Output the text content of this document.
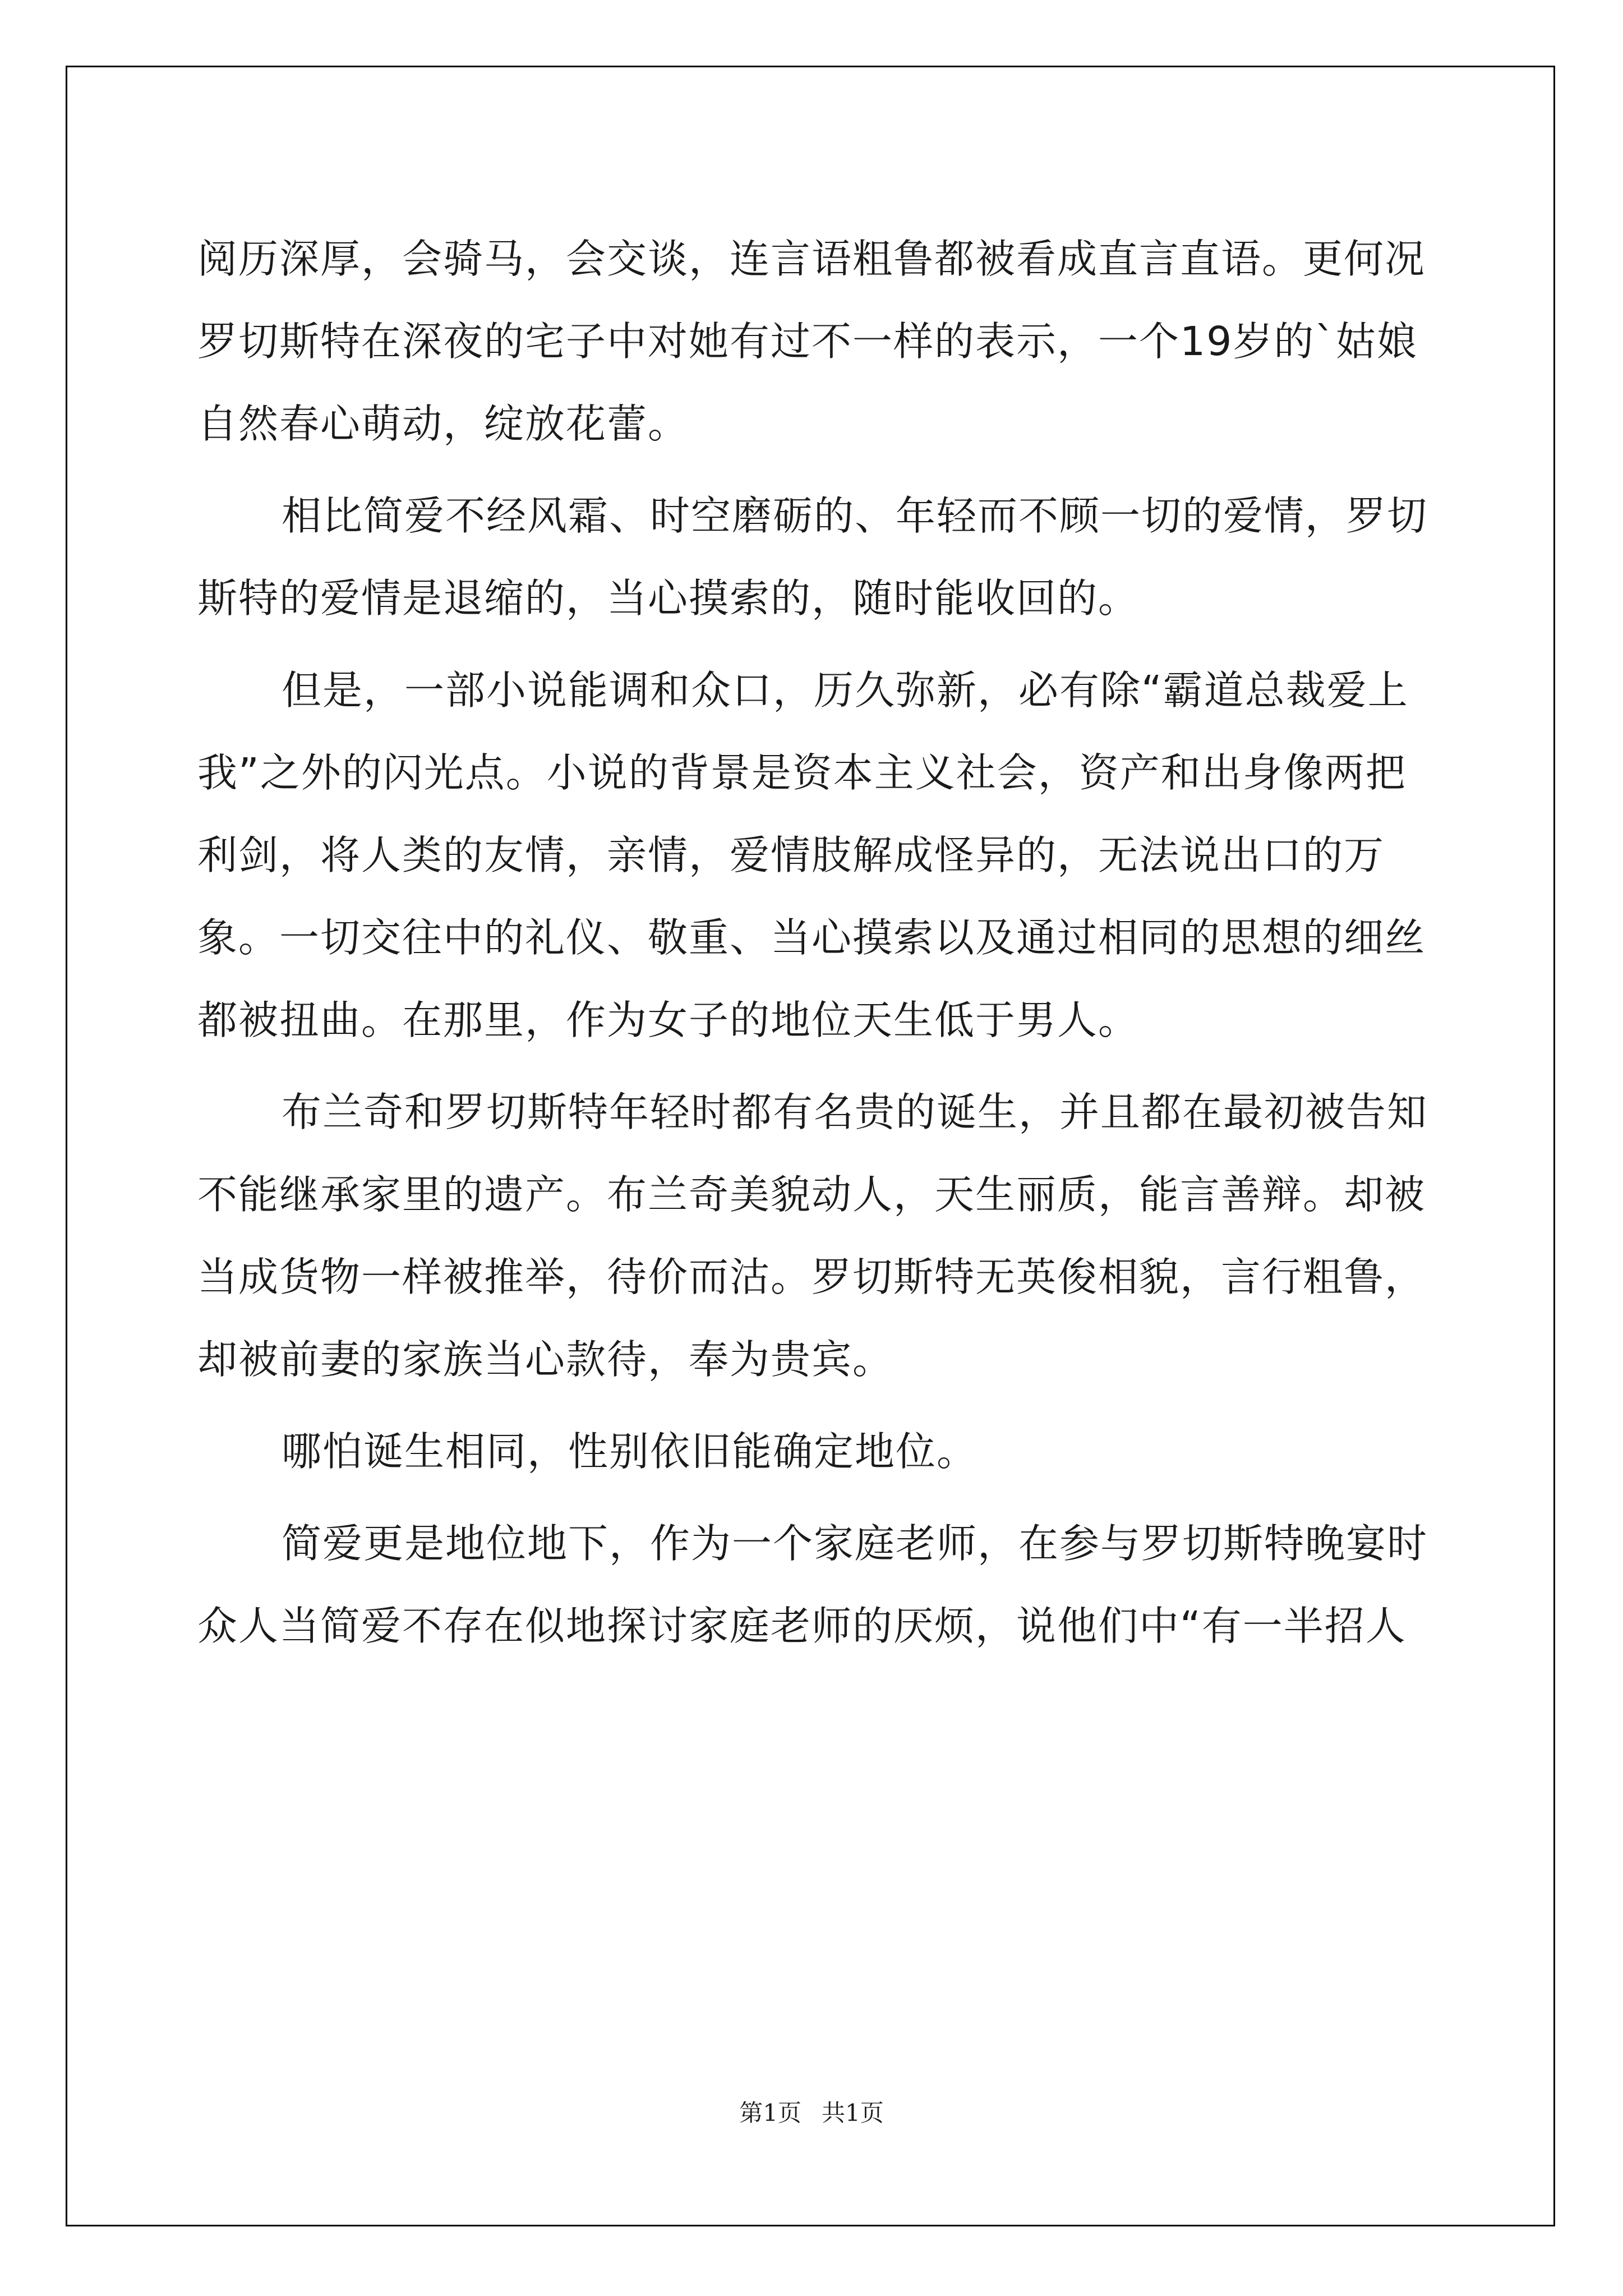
阅历深厚，会骑马，会交谈，连言语粗鲁都被看成直言直语。更何况罗切斯特在深夜的宅子中对她有过不一样的表示，一个19岁的`姑娘自然春心萌动，绽放花蕾。

相比简爱不经风霜、时空磨砺的、年轻而不顾一切的爱情，罗切斯特的爱情是退缩的，当心摸索的，随时能收回的。

但是，一部小说能调和众口，历久弥新，必有除“霸道总裁爱上我”之外的闪光点。小说的背景是资本主义社会，资产和出身像两把利剑，将人类的友情，亲情，爱情肢解成怪异的，无法说出口的万象。一切交往中的礼仪、敬重、当心摸索以及通过相同的思想的细丝都被扭曲。在那里，作为女子的地位天生低于男人。

布兰奇和罗切斯特年轻时都有名贵的诞生，并且都在最初被告知不能继承家里的遗产。布兰奇美貌动人，天生丽质，能言善辩。却被当成货物一样被推举，待价而沽。罗切斯特无英俊相貌，言行粗鲁，却被前妻的家族当心款待，奉为贵宾。

哪怕诞生相同，性别依旧能确定地位。

简爱更是地位地下，作为一个家庭老师，在参与罗切斯特晚宴时众人当简爱不存在似地探讨家庭老师的厌烦，说他们中“有一半招人

第1页 共1页
